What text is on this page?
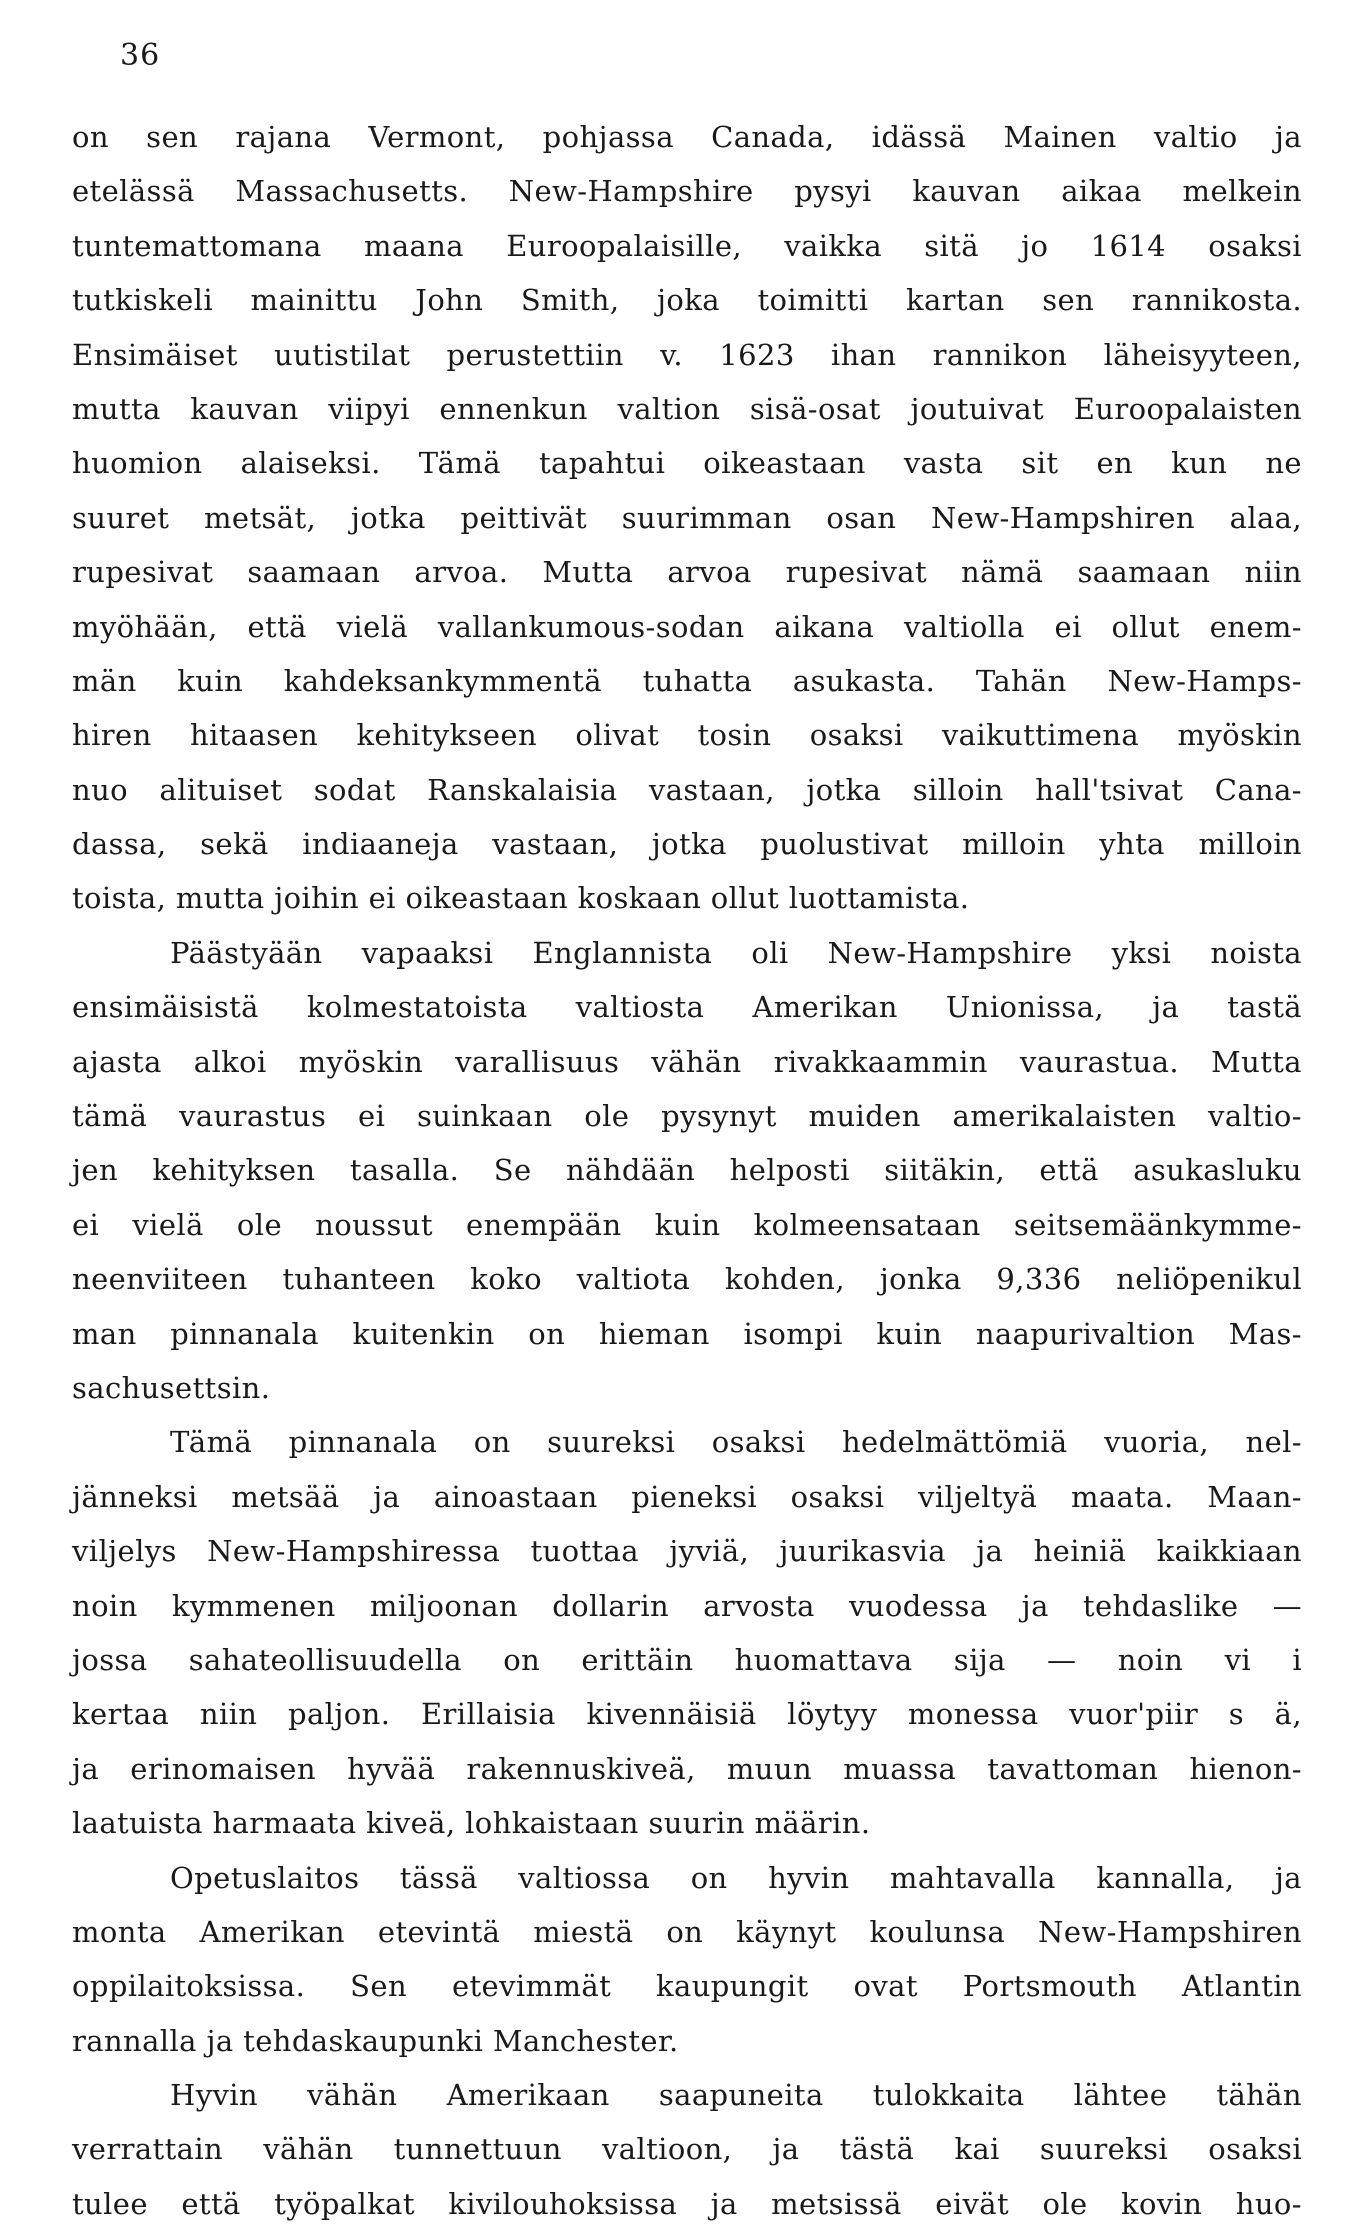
36
on sen rajana Vermont, pohjassa Canada, idässä Mainen valtio ja
etelässä Massachusetts. New-Hampshire pysyi kauvan aikaa melkein
tuntemattomana maana Euroopalaisille, vaikka sitä jo 1614 osaksi
tutkiskeli mainittu John Smith, joka toimitti kartan sen rannikosta.
Ensimäiset uutistilat perustettiin v. 1623 ihan rannikon läheisyyteen,
mutta kauvan viipyi ennenkun valtion sisä-osat joutuivat Euroopalaisten
huomion alaiseksi. Tämä tapahtui oikeastaan vasta sit en kun ne
suuret metsät, jotka peittivät suurimman osan New-Hampshiren alaa,
rupesivat saamaan arvoa. Mutta arvoa rupesivat nämä saamaan niin
myöhään, että vielä vallankumous-sodan aikana valtiolla ei ollut enem-
män kuin kahdeksankymmentä tuhatta asukasta. Tahän New-Hamps-
hiren hitaasen kehitykseen olivat tosin osaksi vaikuttimena myöskin
nuo alituiset sodat Ranskalaisia vastaan, jotka silloin hall'tsivat Cana-
dassa, sekä indiaaneja vastaan, jotka puolustivat milloin yhta milloin
toista, mutta joihin ei oikeastaan koskaan ollut luottamista.
Päästyään vapaaksi Englannista oli New-Hampshire yksi noista
ensimäisistä kolmestatoista valtiosta Amerikan Unionissa, ja tastä
ajasta alkoi myöskin varallisuus vähän rivakkaammin vaurastua. Mutta
tämä vaurastus ei suinkaan ole pysynyt muiden amerikalaisten valtio-
jen kehityksen tasalla. Se nähdään helposti siitäkin, että asukasluku
ei vielä ole noussut enempään kuin kolmeensataan seitsemäänkymme-
neenviiteen tuhanteen koko valtiota kohden, jonka 9,336 neliöpenikul
man pinnanala kuitenkin on hieman isompi kuin naapurivaltion Mas-
sachusettsin.
Tämä pinnanala on suureksi osaksi hedelmättömiä vuoria, nel-
jänneksi metsää ja ainoastaan pieneksi osaksi viljeltyä maata. Maan-
viljelys New-Hampshiressa tuottaa jyviä, juurikasvia ja heiniä kaikkiaan
noin kymmenen miljoonan dollarin arvosta vuodessa ja tehdaslike —
jossa sahateollisuudella on erittäin huomattava sija — noin vi i
kertaa niin paljon. Erillaisia kivennäisiä löytyy monessa vuor'piir s ä,
ja erinomaisen hyvää rakennuskiveä, muun muassa tavattoman hienon-
laatuista harmaata kiveä, lohkaistaan suurin määrin.
Opetuslaitos tässä valtiossa on hyvin mahtavalla kannalla, ja
monta Amerikan etevintä miestä on käynyt koulunsa New-Hampshiren
oppilaitoksissa. Sen etevimmät kaupungit ovat Portsmouth Atlantin
rannalla ja tehdaskaupunki Manchester.
Hyvin vähän Amerikaan saapuneita tulokkaita lähtee tähän
verrattain vähän tunnettuun valtioon, ja tästä kai suureksi osaksi
tulee että työpalkat kivilouhoksissa ja metsissä eivät ole kovin huo-
